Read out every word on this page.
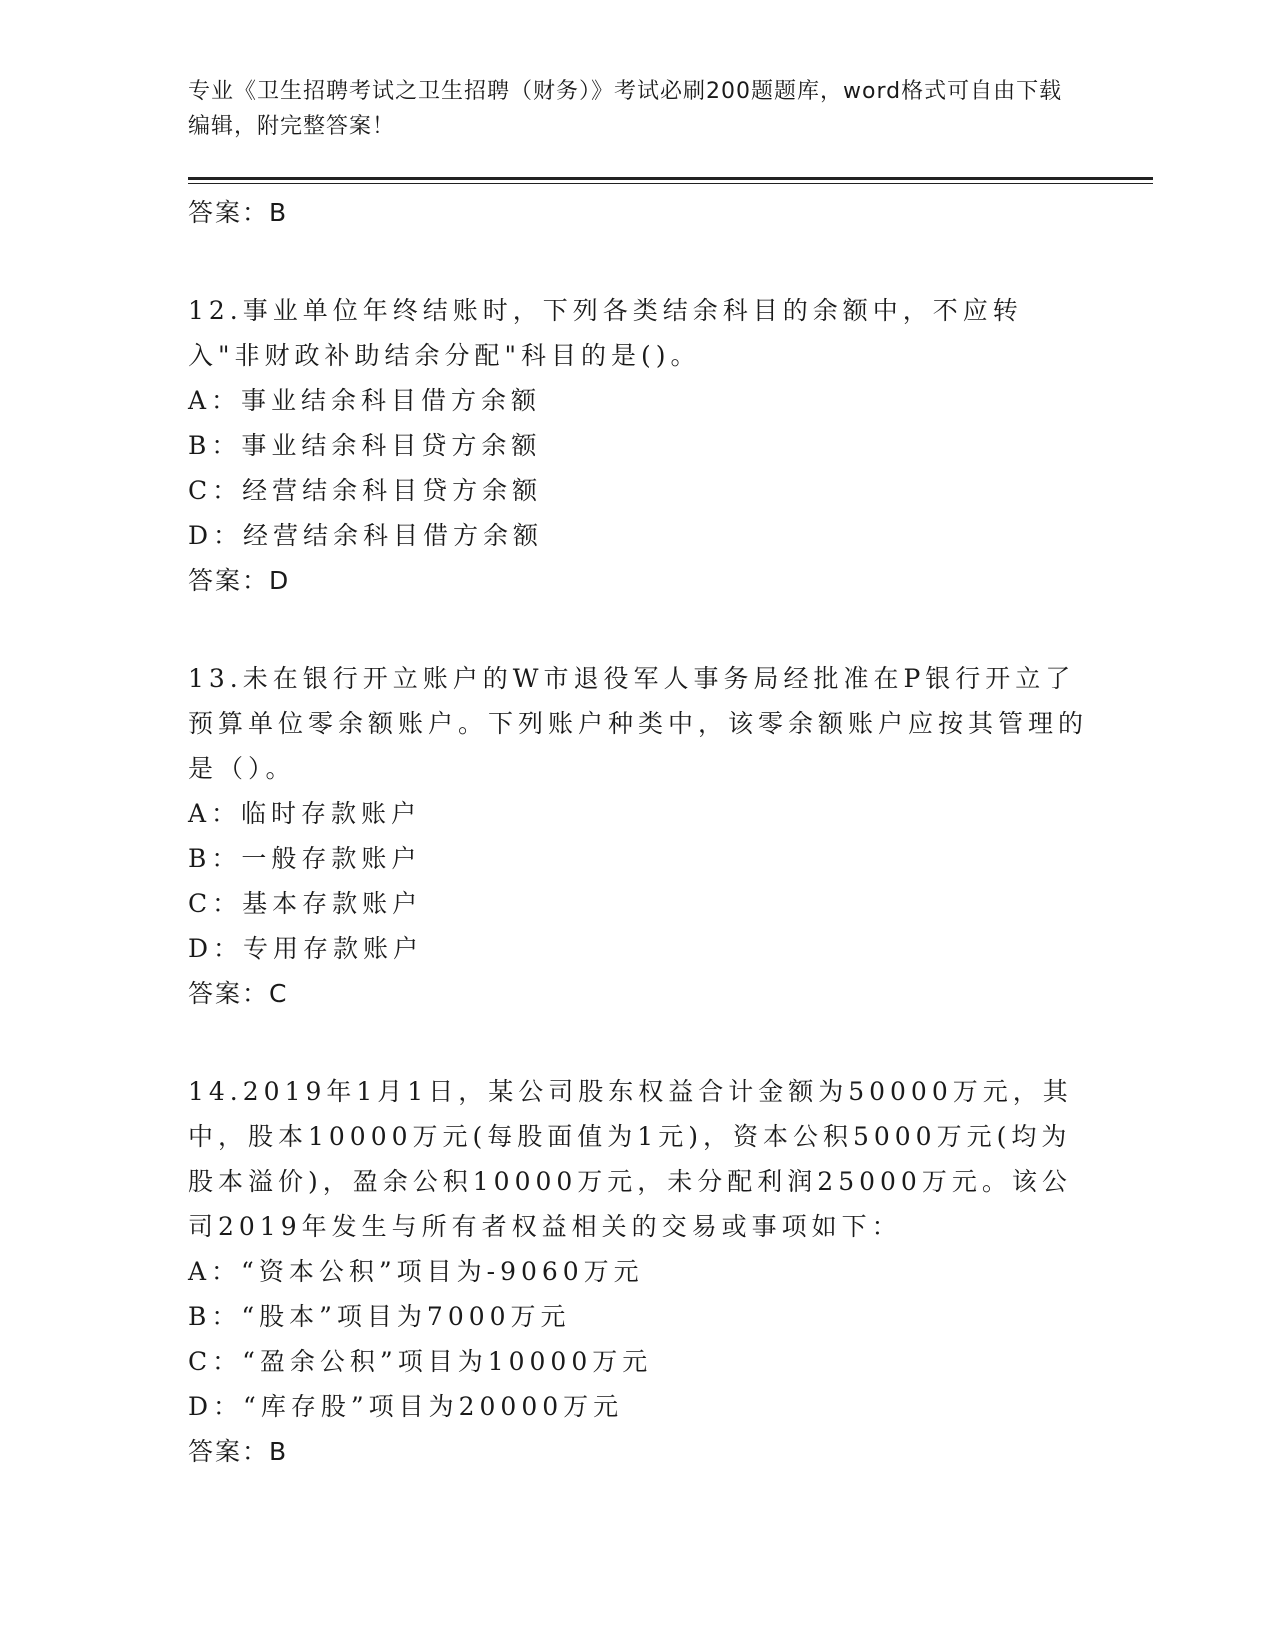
专业《卫生招聘考试之卫生招聘（财务）》考试必刷200题题库，word格式可自由下载编辑，附完整答案！
答案：B

12.事业单位年终结账时，下列各类结余科目的余额中，不应转入"非财政补助结余分配"科目的是()。

A：事业结余科目借方余额
B：事业结余科目贷方余额
C：经营结余科目贷方余额
D：经营结余科目借方余额
答案：D

13.未在银行开立账户的W市退役军人事务局经批准在P银行开立了预算单位零余额账户。下列账户种类中，该零余额账户应按其管理的是（）。

A：临时存款账户
B：一般存款账户
C：基本存款账户
D：专用存款账户
答案：C

14.2019年1月1日，某公司股东权益合计金额为50000万元，其中，股本10000万元(每股面值为1元)，资本公积5000万元(均为股本溢价)，盈余公积10000万元，未分配利润25000万元。该公司2019年发生与所有者权益相关的交易或事项如下：

A：“资本公积”项目为-9060万元
B：“股本”项目为7000万元
C：“盈余公积”项目为10000万元
D：“库存股”项目为20000万元
答案：B
